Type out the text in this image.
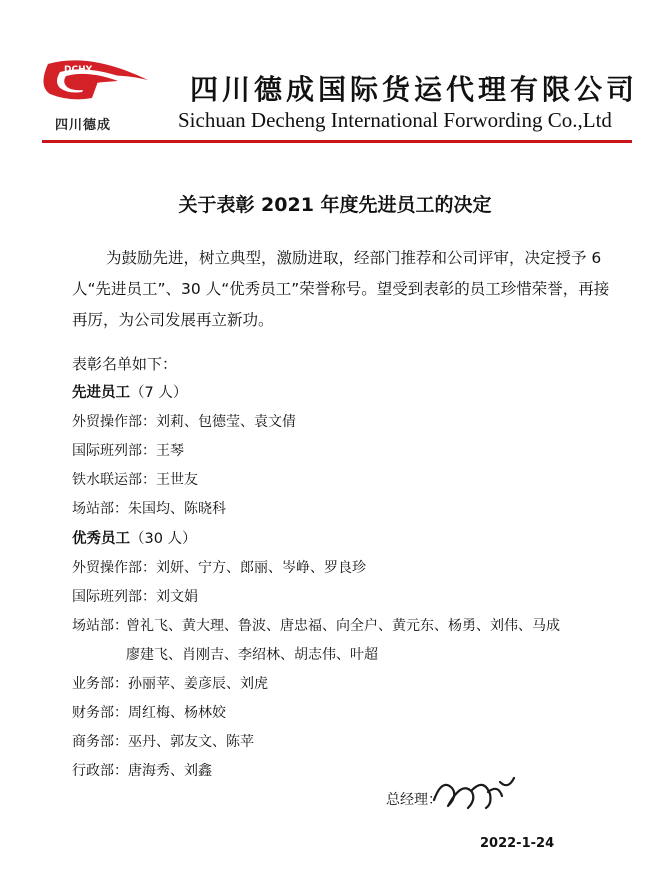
DCHY
四川德成
四川德成国际货运代理有限公司
Sichuan Decheng International Forwording Co.,Ltd
关于表彰 2021 年度先进员工的决定

为鼓励先进，树立典型，激励进取，经部门推荐和公司评审，决定授予 6 人“先进员工”、30 人“优秀员工”荣誉称号。望受到表彰的员工珍惜荣誉，再接再厉，为公司发展再立新功。

表彰名单如下：
先进员工（7 人）
外贸操作部：刘莉、包德莹、袁文倩
国际班列部：王琴
铁水联运部：王世友
场站部：朱国均、陈晓科
优秀员工（30 人）
外贸操作部：刘妍、宁方、郎丽、岑峥、罗良珍
国际班列部：刘文娟
场站部：
曾礼飞、黄大理、鲁波、唐忠福、向全户、黄元东、杨勇、刘伟、马成
廖建飞、肖刚吉、李绍林、胡志伟、叶超
业务部：孙丽苹、姜彦辰、刘虎
财务部：周红梅、杨林姣
商务部：巫丹、郭友文、陈苹
行政部：唐海秀、刘鑫
总经理：
2022-1-24
